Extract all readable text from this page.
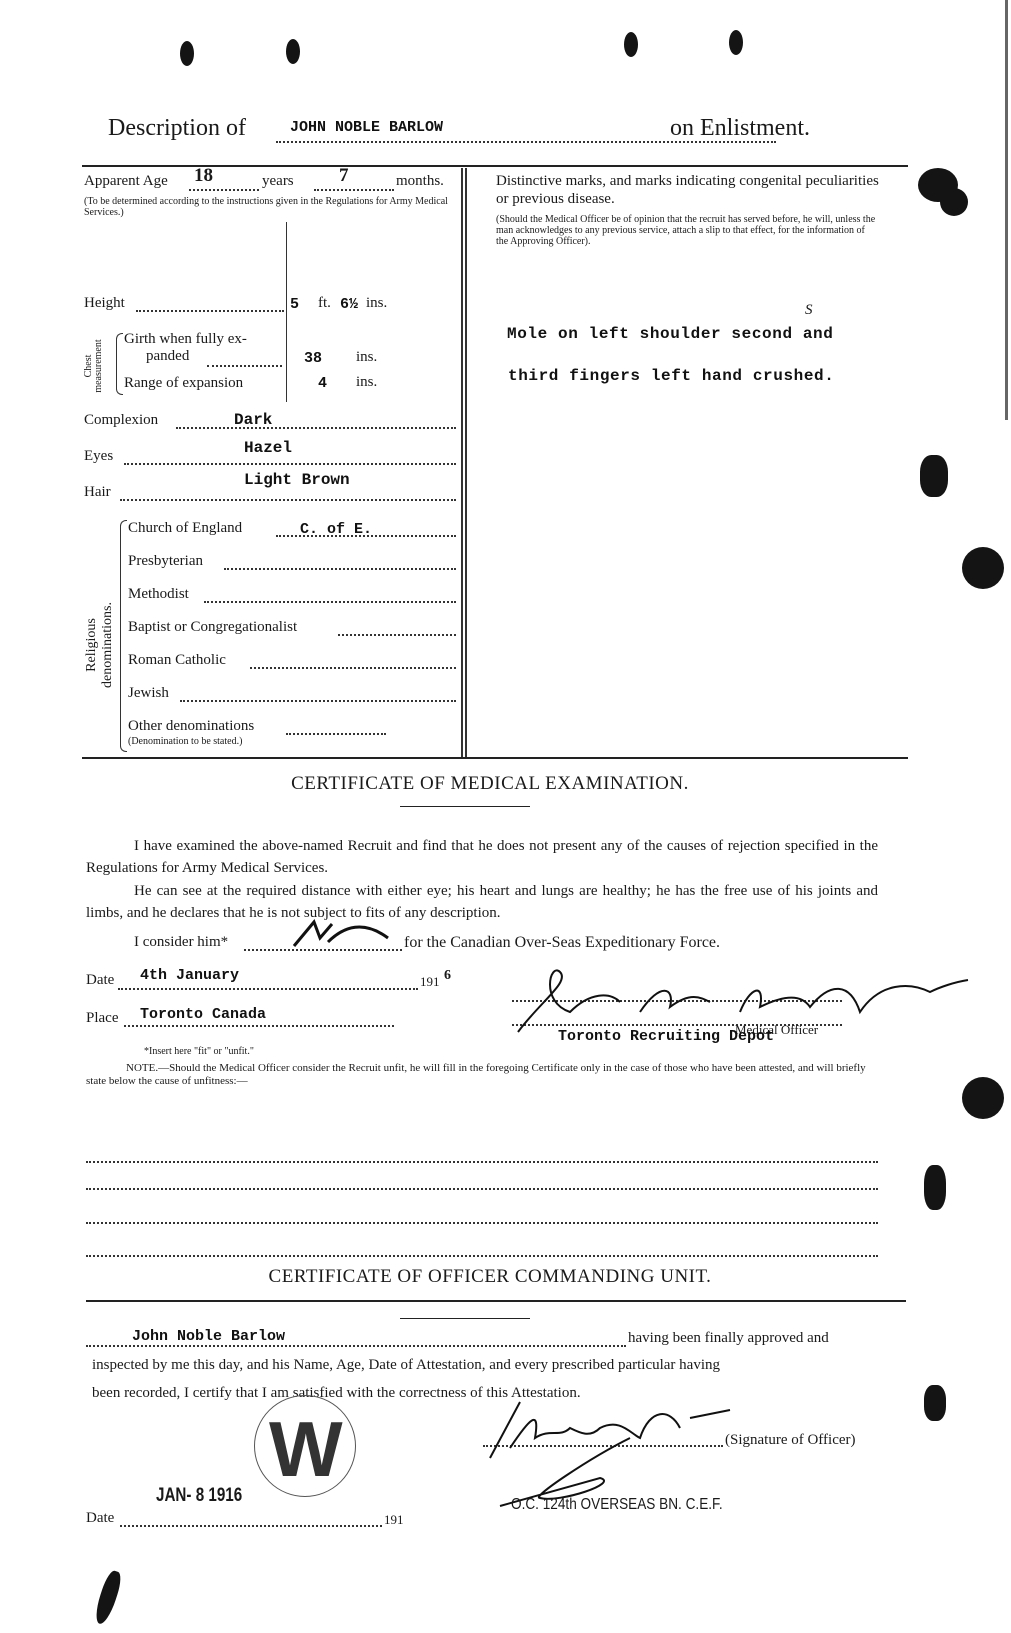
Description of	JOHN NOBLE BARLOW	on Enlistment.
Apparent Age 18	years 7	months.
(To be determined according to the instructions given in the Regulations for Army Medical Services.)
Height	5 ft. 6½ ins.
Chest measurement
Girth when fully ex-
panded	38 ins.
Range of expansion	4 ins.
Complexion	Dark
Eyes	Hazel
Hair
Light Brown
Religious denominations.
Church of England	C. of E.
Presbyterian
Methodist
Baptist or Congregationalist
Roman Catholic
Jewish
Other denominations
(Denomination to be stated.)
Distinctive marks, and marks indicating congenital peculiarities or previous disease.
(Should the Medical Officer be of opinion that the recruit has served before, he will, unless the man acknowledges to any previous service, attach a slip to that effect, for the information of the Approving Officer).
S
Mole on left shoulder second and
third fingers left hand crushed.
CERTIFICATE OF MEDICAL EXAMINATION.
I have examined the above-named Recruit and find that he does not present any of the causes of rejection specified in the Regulations for Army Medical Services.
He can see at the required distance with either eye; his heart and lungs are healthy; he has the free use of his joints and limbs, and he declares that he is not subject to fits of any description.
I consider him*	for the Canadian Over-Seas Expeditionary Force.
Date 4th January	191 6
Place Toronto Canada
Medical Officer
Toronto Recruiting Depot
*Insert here "fit" or "unfit."
NOTE.—Should the Medical Officer consider the Recruit unfit, he will fill in the foregoing Certificate only in the case of those who have been attested, and will briefly state below the cause of unfitness:—
CERTIFICATE OF OFFICER COMMANDING UNIT.
John Noble Barlow	having been finally approved and
inspected by me this day, and his Name, Age, Date of Attestation, and every prescribed particular having
been recorded, I certify that I am satisfied with the correctness of this Attestation.
W	(Signature of Officer)
Date
JAN- 8 1916
191
O.C. 124th OVERSEAS BN. C.E.F.
